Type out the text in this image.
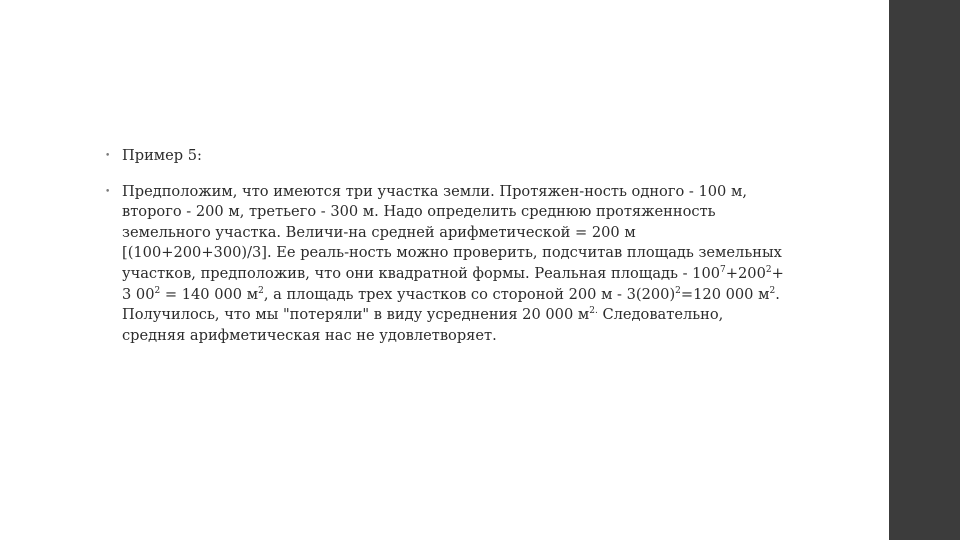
• Пример 5:
• Предположим, что имеются три участка земли. Протяжен-ность одного - 100 м, второго - 200 м, третьего - 300 м. Надо определить среднюю протяженность земельного участка. Величи-на средней арифметической = 200 м [(100+200+300)/3]. Ее реаль-ность можно проверить, подсчитав площадь земельных участков, предположив, что они квадратной формы. Реальная площадь - $100^7+200^2+ 3$ $00^2 = 140$ 000 $м^2$, а площадь трех участков со стороной 200 $м - 3(200)^2=120$ 000 $м^2$. Получилось, что мы "потеряли" в виду усреднения 20 000 $м^{2.}$ Следовательно, средняя арифметическая нас не удовлетворяет.
